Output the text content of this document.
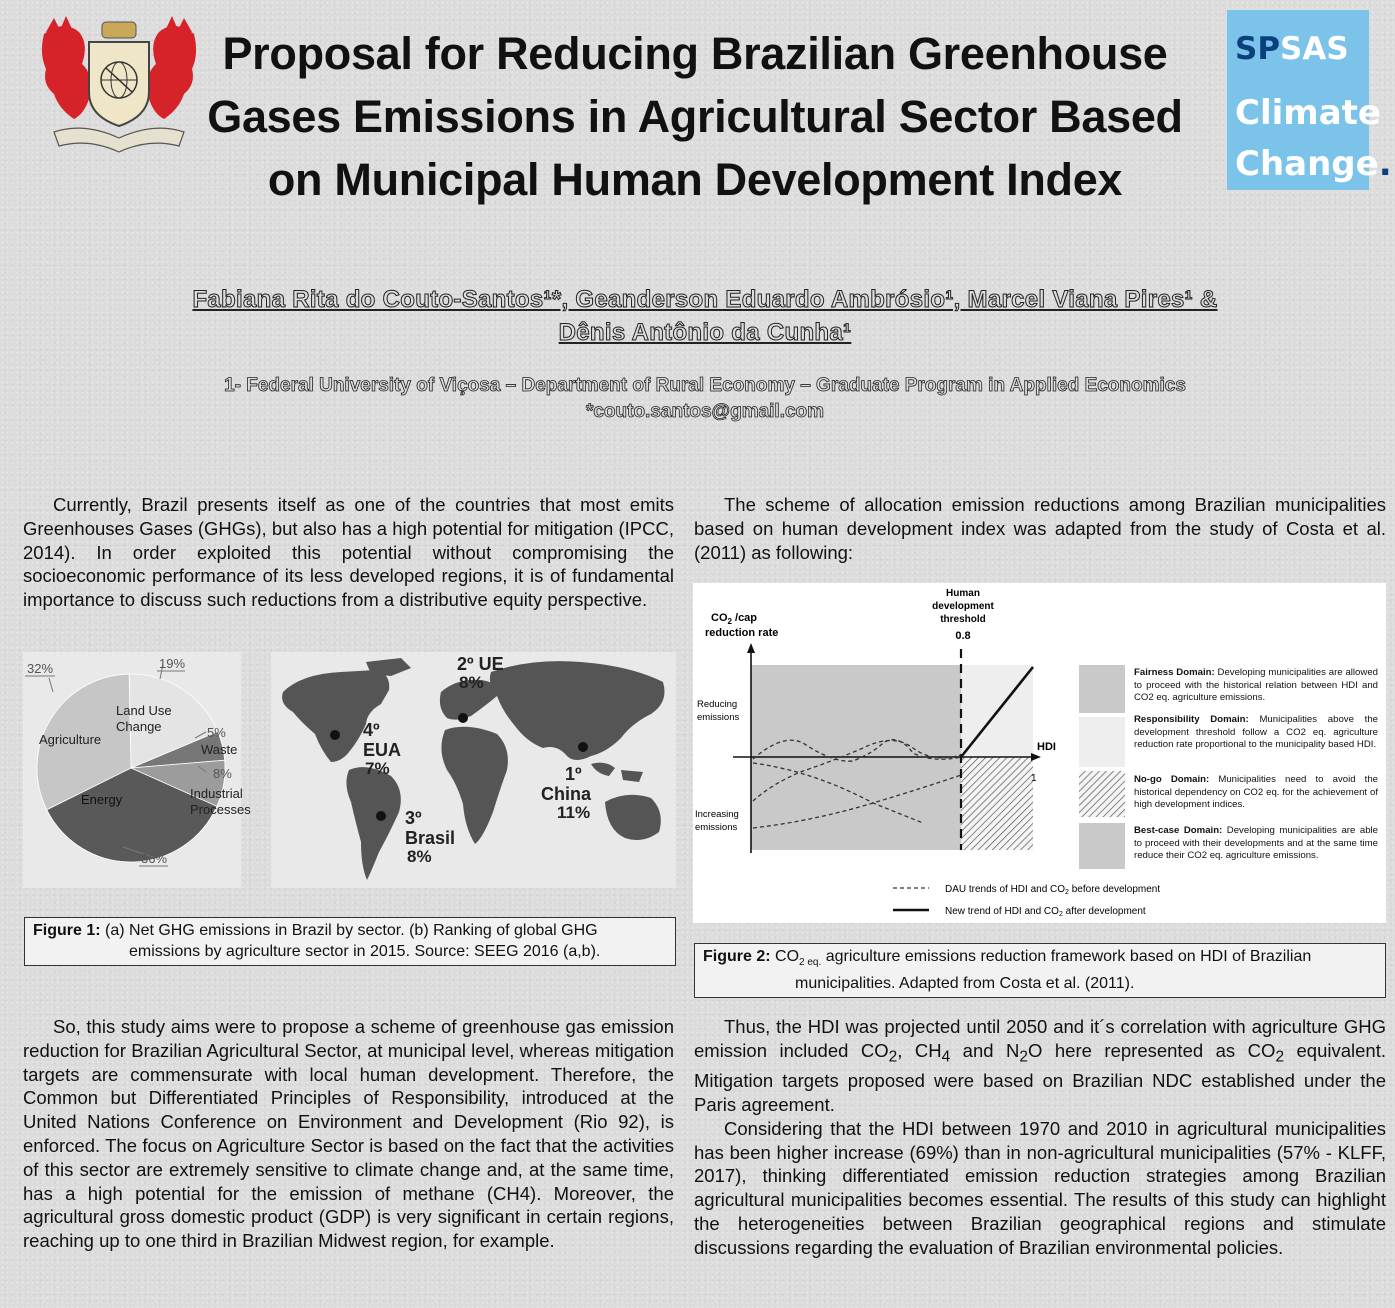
SPSAS
Climate
Change.
Proposal for Reducing Brazilian Greenhouse Gases Emissions in Agricultural Sector Based on Municipal Human Development Index
Fabiana Rita do Couto-Santos¹*, Geanderson Eduardo Ambrósio¹, Marcel Viana Pires¹ &
Dênis Antônio da Cunha¹
1- Federal University of Viçosa – Department of Rural Economy – Graduate Program in Applied Economics
*couto.santos@gmail.com
Currently, Brazil presents itself as one of the countries that most emits Greenhouses Gases (GHGs), but also has a high potential for mitigation (IPCC, 2014). In order exploited this potential without compromising the socioeconomic performance of its less developed regions, it is of fundamental importance to discuss such reductions from a distributive equity perspective.
19%
Land Use
Change	5%
Waste
8%
Industrial
Processes
Energy
36%
Agriculture
32%	2º UE
8%
4º
EUA
7%	1º
China
11%
3º
Brasil
8%
Figure 1: (a) Net GHG emissions in Brazil by sector. (b) Ranking of global GHG
emissions by agriculture sector in 2015. Source: SEEG 2016 (a,b).
So, this study aims were to propose a scheme of greenhouse gas emission reduction for Brazilian Agricultural Sector, at municipal level, whereas mitigation targets are commensurate with local human development. Therefore, the Common but Differentiated Principles of Responsibility, introduced at the United Nations Conference on Environment and Development (Rio 92), is enforced. The focus on Agriculture Sector is based on the fact that the activities of this sector are extremely sensitive to climate change and, at the same time, has a high potential for the emission of methane (CH4). Moreover, the agricultural gross domestic product (GDP) is very significant in certain regions, reaching up to one third in Brazilian Midwest region, for example.
The scheme of allocation emission reductions among Brazilian municipalities based on human development index was adapted from the study of Costa et al. (2011) as following:
$CO_2$ /cap
reduction rate
Human
development
threshold
0.8
Reducing
emissions
Increasing
emissions
HDI
1
DAU trends of HDI and $CO_2$ before development
New trend of HDI and $CO_2$ after development
Fairness Domain: Developing municipalities are allowed to proceed with the historical relation between HDI and CO2 eq. agriculture emissions.
Responsibility Domain: Municipalities above the development threshold follow a CO2 eq. agriculture reduction rate proportional to the municipality based HDI.
No-go Domain: Municipalities need to avoid the historical dependency on CO2 eq. for the achievement of high development indices.
Best-case Domain: Developing municipalities are able to proceed with their developments and at the same time reduce their CO2 eq. agriculture emissions.
Figure 2: $CO_{2 eq.}$ agriculture emissions reduction framework based on HDI of Brazilian
municipalities. Adapted from Costa et al. (2011).
Thus, the HDI was projected until 2050 and it´s correlation with agriculture GHG emission included $CO_2$, $CH_4$ and $N_2O$ here represented as $CO_2$ equivalent. Mitigation targets proposed were based on Brazilian NDC established under the Paris agreement.
Considering that the HDI between 1970 and 2010 in agricultural municipalities has been higher increase (69%) than in non-agricultural municipalities (57% - KLFF, 2017), thinking differentiated emission reduction strategies among Brazilian agricultural municipalities becomes essential. The results of this study can highlight the heterogeneities between Brazilian geographical regions and stimulate discussions regarding the evaluation of Brazilian environmental policies.
